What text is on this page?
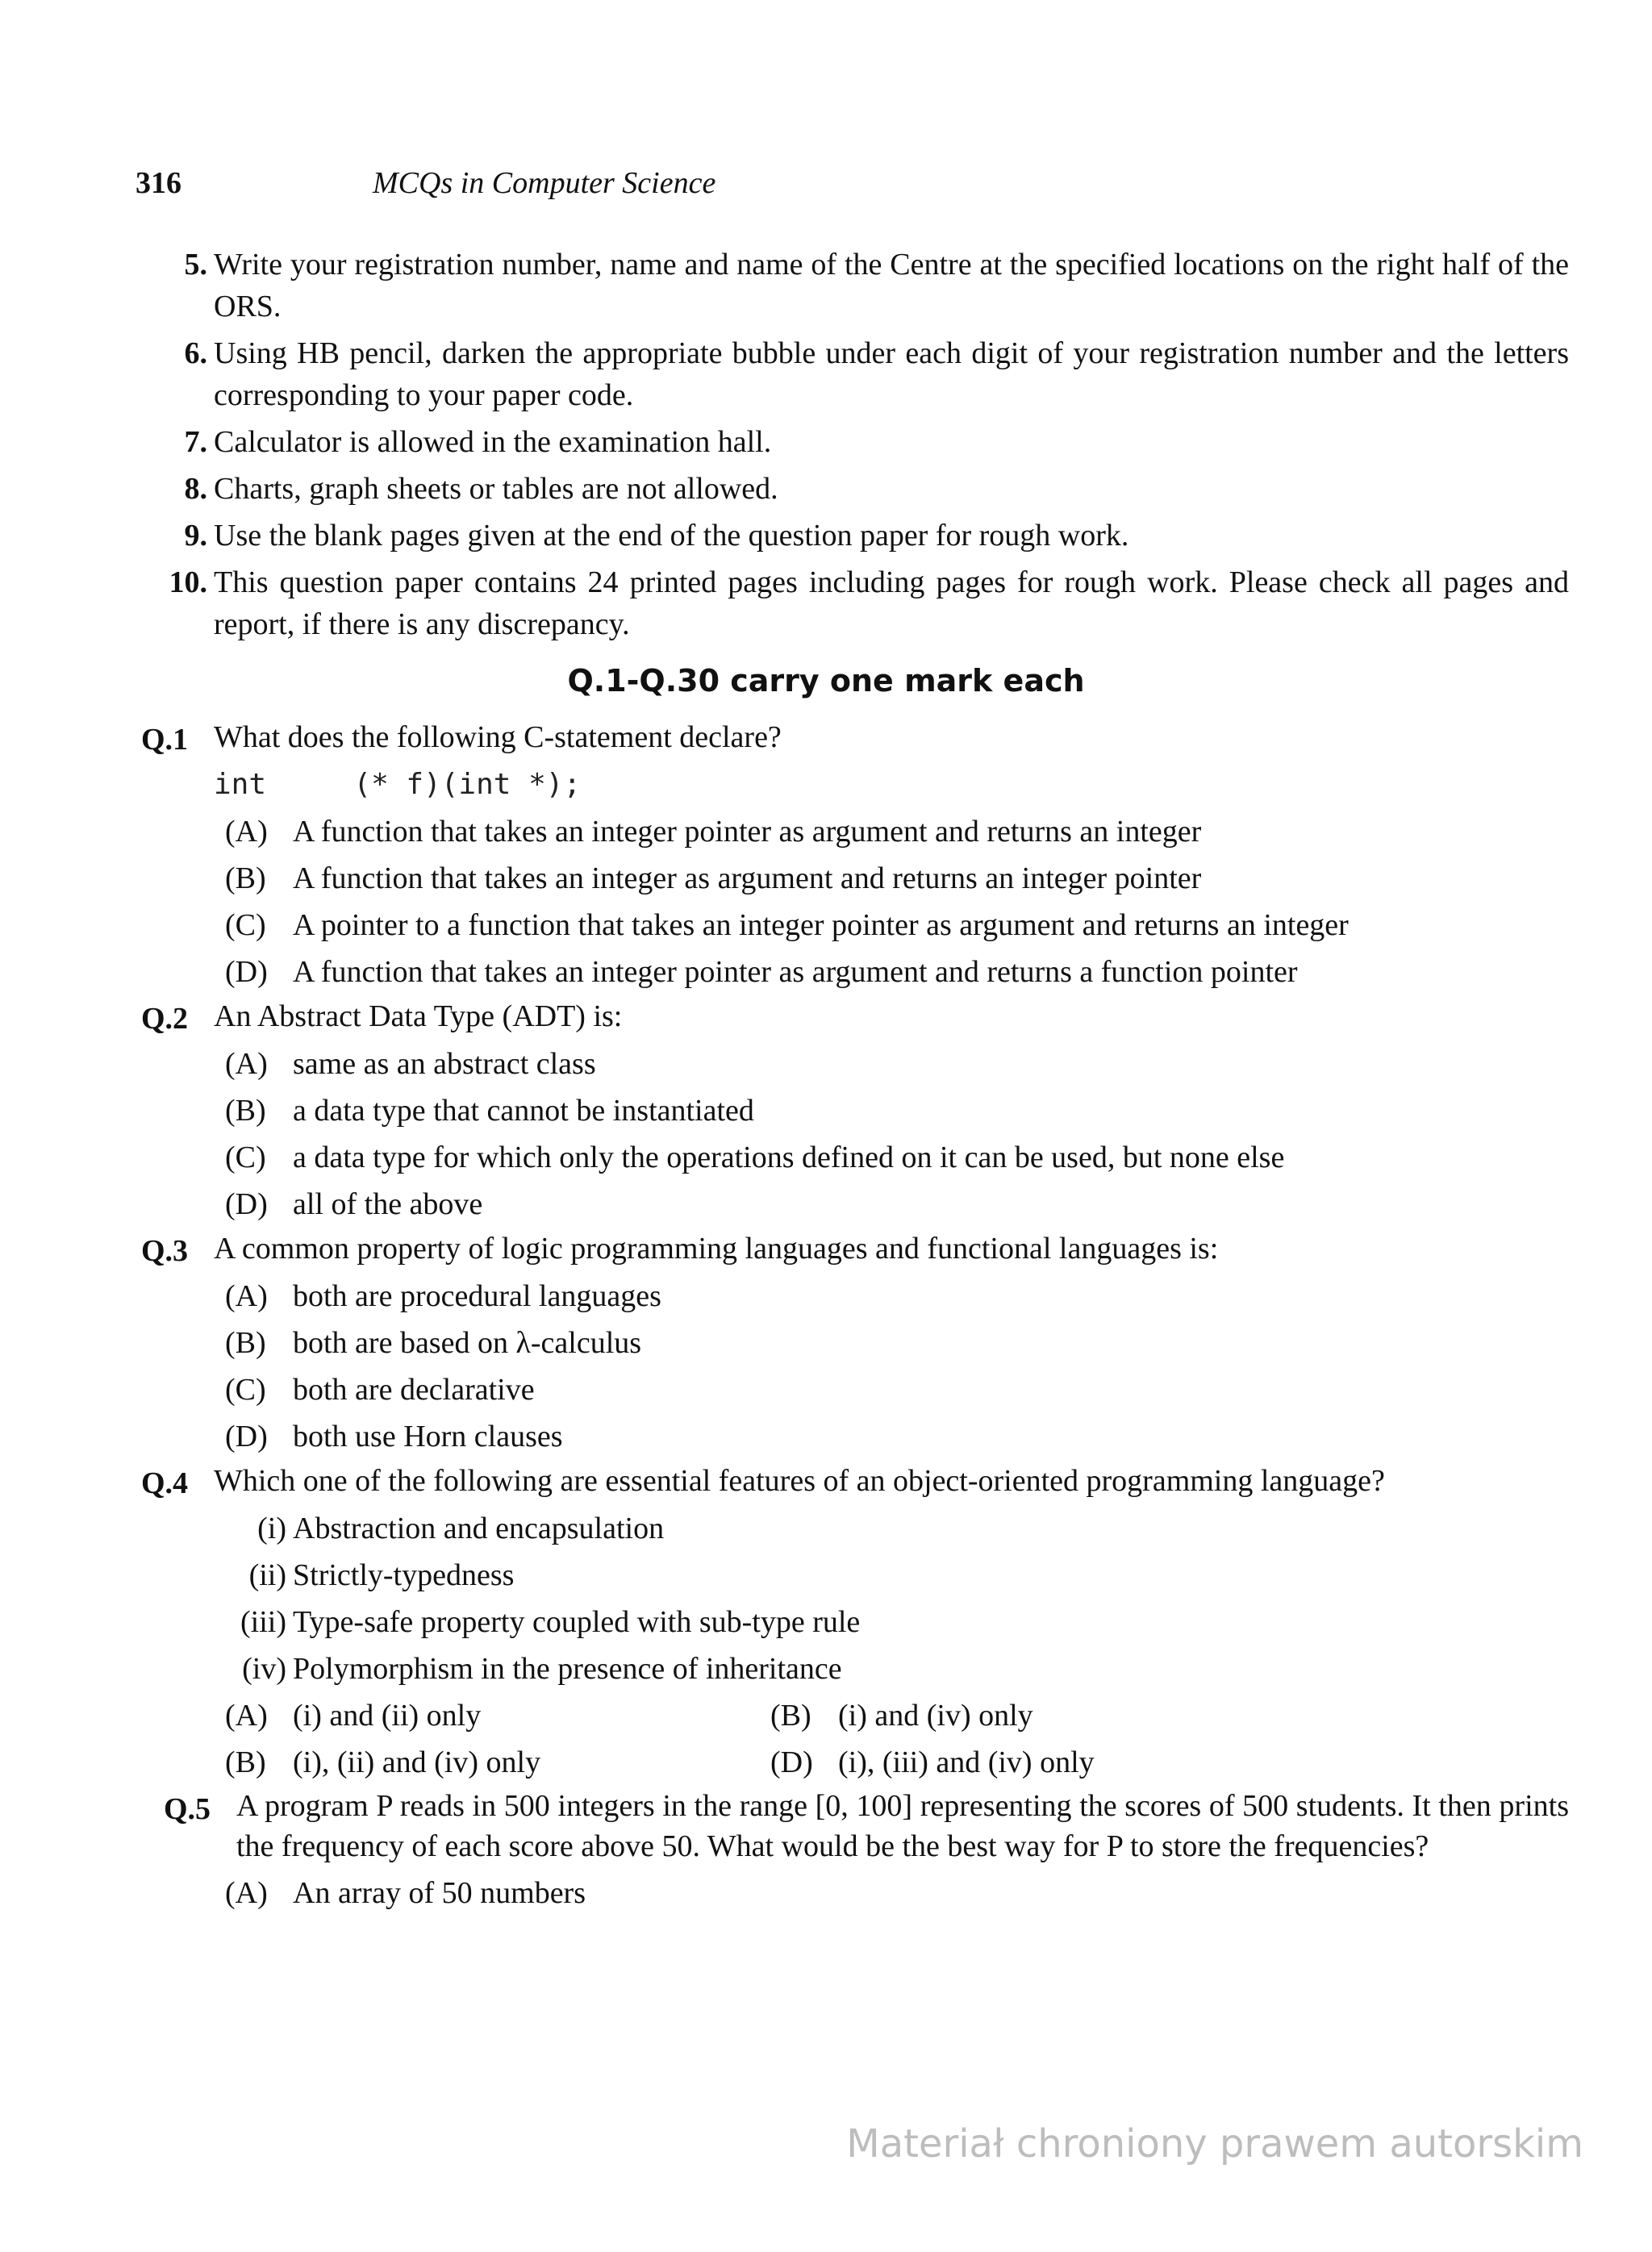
316	MCQs in Computer Science
5. Write your registration number, name and name of the Centre at the specified locations on the right half of the ORS.
6. Using HB pencil, darken the appropriate bubble under each digit of your registration number and the letters corresponding to your paper code.
7. Calculator is allowed in the examination hall.
8. Charts, graph sheets or tables are not allowed.
9. Use the blank pages given at the end of the question paper for rough work.
10. This question paper contains 24 printed pages including pages for rough work. Please check all pages and report, if there is any discrepancy.
Q.1-Q.30 carry one mark each
Q.1 What does the following C-statement declare?
int     (* f)(int *);
(A) A function that takes an integer pointer as argument and returns an integer
(B) A function that takes an integer as argument and returns an integer pointer
(C) A pointer to a function that takes an integer pointer as argument and returns an integer
(D) A function that takes an integer pointer as argument and returns a function pointer
Q.2 An Abstract Data Type (ADT) is:
(A) same as an abstract class
(B) a data type that cannot be instantiated
(C) a data type for which only the operations defined on it can be used, but none else
(D) all of the above
Q.3 A common property of logic programming languages and functional languages is:
(A) both are procedural languages
(B) both are based on λ-calculus
(C) both are declarative
(D) both use Horn clauses
Q.4 Which one of the following are essential features of an object-oriented programming language?
(i) Abstraction and encapsulation
(ii) Strictly-typedness
(iii) Type-safe property coupled with sub-type rule
(iv) Polymorphism in the presence of inheritance
(A) (i) and (ii) only	(B) (i) and (iv) only
(B) (i), (ii) and (iv) only	(D) (i), (iii) and (iv) only
Q.5 A program P reads in 500 integers in the range [0, 100] representing the scores of 500 students. It then prints the frequency of each score above 50. What would be the best way for P to store the frequencies?
(A) An array of 50 numbers
Materiał chroniony prawem autorskim
